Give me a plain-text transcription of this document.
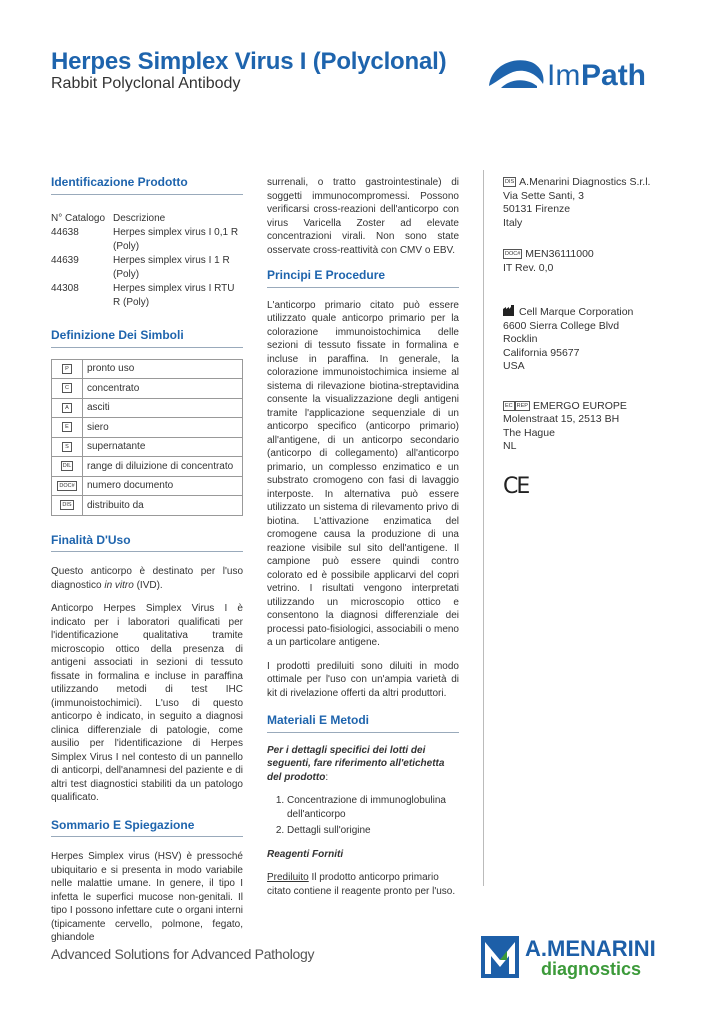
Herpes Simplex Virus I (Polyclonal)
Rabbit Polyclonal Antibody	Im Path
Identificazione Prodotto
N° Catalogo Descrizione
44638	Herpes simplex virus I 0,1 R (Poly)
44639	Herpes simplex virus I 1 R (Poly)
44308	Herpes simplex virus I RTU R (Poly)
Definizione Dei Simboli
P	pronto uso
C	concentrato
A	asciti
E	siero
S	supernatante
DIL	range di diluizione di concentrato
DOC#	numero documento
DIS	distribuito da
Finalità D'Uso

Questo anticorpo è destinato per l'uso diagnostico in vitro (IVD).

Anticorpo Herpes Simplex Virus I è indicato per i laboratori qualificati per l'identificazione qualitativa tramite microscopio ottico della presenza di antigeni associati in sezioni di tessuto fissate in formalina e incluse in paraffina utilizzando metodi di test IHC (immunoistochimici). L'uso di questo anticorpo è indicato, in seguito a diagnosi clinica differenziale di patologie, come ausilio per l'identificazione di Herpes Simplex Virus I nel contesto di un pannello di anticorpi, dell'anamnesi del paziente e di altri test diagnostici stabiliti da un patologo qualificato.

Sommario E Spiegazione

Herpes Simplex virus (HSV) è pressoché ubiquitario e si presenta in modo variabile nelle malattie umane. In genere, il tipo I infetta le superfici mucose non-genitali. Il tipo I possono infettare cute o organi interni (tipicamente cervello, polmone, fegato, ghiandole

surrenali, o tratto gastrointestinale) di soggetti immunocompromessi. Possono verificarsi cross-reazioni dell'anticorpo con virus Varicella Zoster ad elevate concentrazioni virali. Non sono state osservate cross-reattività con CMV o EBV.

Principi E Procedure

L'anticorpo primario citato può essere utilizzato quale anticorpo primario per la colorazione immunoistochimica delle sezioni di tessuto fissate in formalina e incluse in paraffina. In generale, la colorazione immunoistochimica insieme al sistema di rilevazione biotina-streptavidina consente la visualizzazione degli antigeni tramite l'applicazione sequenziale di un anticorpo specifico (anticorpo primario) all'antigene, di un anticorpo secondario (anticorpo di collegamento) all'anticorpo primario, un complesso enzimatico e un substrato cromogeno con fasi di lavaggio interposte. In alternativa può essere utilizzato un sistema di rilevamento privo di biotina. L'attivazione enzimatica del cromogene causa la produzione di una reazione visibile sul sito dell'antigene. Il campione può essere quindi contro colorato ed è possibile applicarvi del copri vetrino. I risultati vengono interpretati utilizzando un microscopio ottico e consentono la diagnosi differenziale dei processi pato-fisiologici, associabili o meno a un particolare antigene.

I prodotti prediluiti sono diluiti in modo ottimale per l'uso con un'ampia varietà di kit di rivelazione offerti da altri produttori.

Materiali E Metodi

Per i dettagli specifici dei lotti dei seguenti, fare riferimento all'etichetta del prodotto:

1. Concentrazione di immunoglobulina dell'anticorpo
2. Dettagli sull'origine

Reagenti Forniti

Prediluito Il prodotto anticorpo primario citato contiene il reagente pronto per l'uso.

DIS A.Menarini Diagnostics S.r.l.
Via Sette Santi, 3
50131 Firenze
Italy
DOC# MEN36111000
IT Rev. 0,0
Cell Marque Corporation
6600 Sierra College Blvd
Rocklin
California 95677
USA
EC REP EMERGO EUROPE
Molenstraat 15, 2513 BH
The Hague
NL
CE
Advanced Solutions for Advanced Pathology	A.MENARINI
diagnostics
